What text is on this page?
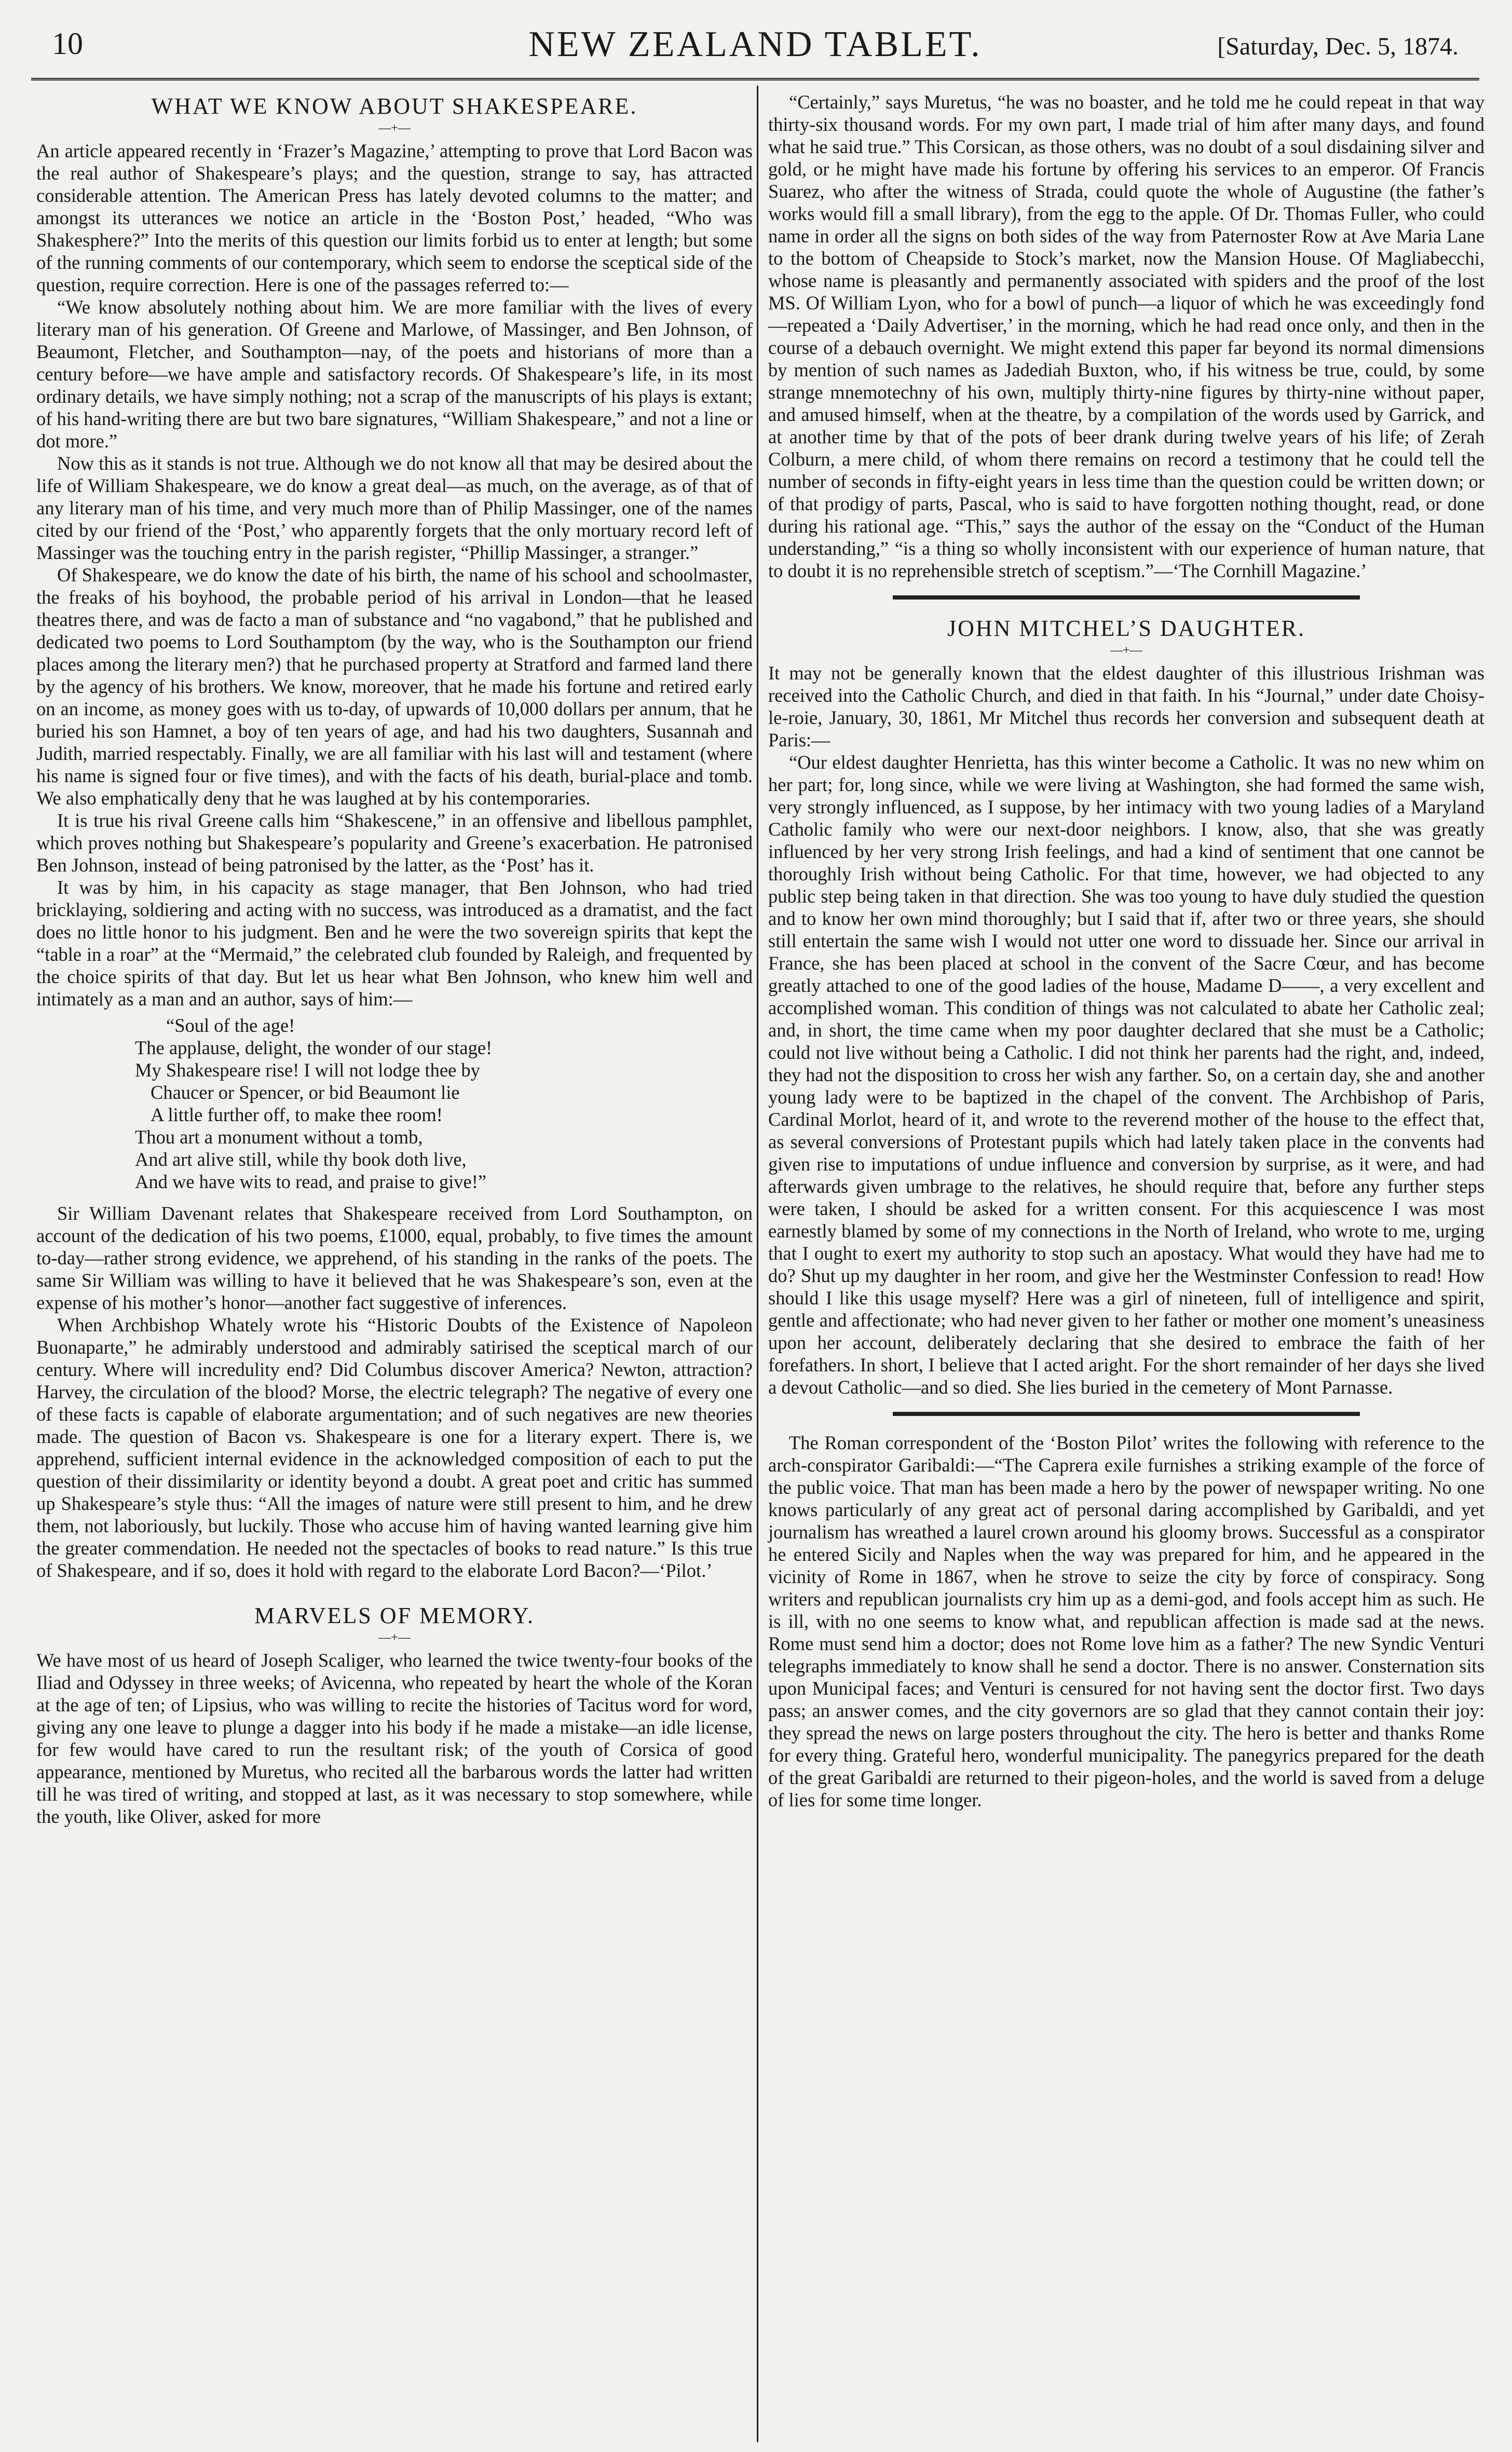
10	NEW ZEALAND TABLET.	[Saturday, Dec. 5, 1874.
WHAT WE KNOW ABOUT SHAKESPEARE.
—+—

An article appeared recently in ‘Frazer’s Magazine,’ attempting to prove that Lord Bacon was the real author of Shakespeare’s plays; and the question, strange to say, has attracted considerable attention. The American Press has lately devoted columns to the matter; and amongst its utterances we notice an article in the ‘Boston Post,’ headed, “Who was Shakesphere?” Into the merits of this question our limits forbid us to enter at length; but some of the running comments of our contemporary, which seem to endorse the sceptical side of the question, require correction. Here is one of the passages referred to:—

“We know absolutely nothing about him. We are more familiar with the lives of every literary man of his generation. Of Greene and Marlowe, of Massinger, and Ben Johnson, of Beaumont, Fletcher, and Southampton—nay, of the poets and historians of more than a century before—we have ample and satisfactory records. Of Shakespeare’s life, in its most ordinary details, we have simply nothing; not a scrap of the manuscripts of his plays is extant; of his hand-writing there are but two bare signatures, “William Shakespeare,” and not a line or dot more.”

Now this as it stands is not true. Although we do not know all that may be desired about the life of William Shakespeare, we do know a great deal—as much, on the average, as of that of any literary man of his time, and very much more than of Philip Massinger, one of the names cited by our friend of the ‘Post,’ who apparently forgets that the only mortuary record left of Massinger was the touching entry in the parish register, “Phillip Massinger, a stranger.”

Of Shakespeare, we do know the date of his birth, the name of his school and schoolmaster, the freaks of his boyhood, the probable period of his arrival in London—that he leased theatres there, and was de facto a man of substance and “no vagabond,” that he published and dedicated two poems to Lord Southamptom (by the way, who is the Southampton our friend places among the literary men?) that he purchased property at Stratford and farmed land there by the agency of his brothers. We know, moreover, that he made his fortune and retired early on an income, as money goes with us to-day, of upwards of 10,000 dollars per annum, that he buried his son Hamnet, a boy of ten years of age, and had his two daughters, Susannah and Judith, married respectably. Finally, we are all familiar with his last will and testament (where his name is signed four or five times), and with the facts of his death, burial-place and tomb. We also emphatically deny that he was laughed at by his contemporaries.

It is true his rival Greene calls him “Shakescene,” in an offensive and libellous pamphlet, which proves nothing but Shakespeare’s popularity and Greene’s exacerbation. He patronised Ben Johnson, instead of being patronised by the latter, as the ‘Post’ has it.

It was by him, in his capacity as stage manager, that Ben Johnson, who had tried bricklaying, soldiering and acting with no success, was introduced as a dramatist, and the fact does no little honor to his judgment. Ben and he were the two sovereign spirits that kept the “table in a roar” at the “Mermaid,” the celebrated club founded by Raleigh, and frequented by the choice spirits of that day. But let us hear what Ben Johnson, who knew him well and intimately as a man and an author, says of him:—

“Soul of the age!
The applause, delight, the wonder of our stage!
My Shakespeare rise! I will not lodge thee by
Chaucer or Spencer, or bid Beaumont lie
A little further off, to make thee room!
Thou art a monument without a tomb,
And art alive still, while thy book doth live,
And we have wits to read, and praise to give!”

Sir William Davenant relates that Shakespeare received from Lord Southampton, on account of the dedication of his two poems, £1000, equal, probably, to five times the amount to-day—rather strong evidence, we apprehend, of his standing in the ranks of the poets. The same Sir William was willing to have it believed that he was Shakespeare’s son, even at the expense of his mother’s honor—another fact suggestive of inferences.

When Archbishop Whately wrote his “Historic Doubts of the Existence of Napoleon Buonaparte,” he admirably understood and admirably satirised the sceptical march of our century. Where will incredulity end? Did Columbus discover America? Newton, attraction? Harvey, the circulation of the blood? Morse, the electric telegraph? The negative of every one of these facts is capable of elaborate argumentation; and of such negatives are new theories made. The question of Bacon vs. Shakespeare is one for a literary expert. There is, we apprehend, sufficient internal evidence in the acknowledged composition of each to put the question of their dissimilarity or identity beyond a doubt. A great poet and critic has summed up Shakespeare’s style thus: “All the images of nature were still present to him, and he drew them, not laboriously, but luckily. Those who accuse him of having wanted learning give him the greater commendation. He needed not the spectacles of books to read nature.” Is this true of Shakespeare, and if so, does it hold with regard to the elaborate Lord Bacon?—‘Pilot.’

MARVELS OF MEMORY.
—+—

We have most of us heard of Joseph Scaliger, who learned the twice twenty-four books of the Iliad and Odyssey in three weeks; of Avicenna, who repeated by heart the whole of the Koran at the age of ten; of Lipsius, who was willing to recite the histories of Tacitus word for word, giving any one leave to plunge a dagger into his body if he made a mistake—an idle license, for few would have cared to run the resultant risk; of the youth of Corsica of good appearance, mentioned by Muretus, who recited all the barbarous words the latter had written till he was tired of writing, and stopped at last, as it was necessary to stop somewhere, while the youth, like Oliver, asked for more

“Certainly,” says Muretus, “he was no boaster, and he told me he could repeat in that way thirty-six thousand words. For my own part, I made trial of him after many days, and found what he said true.” This Corsican, as those others, was no doubt of a soul disdaining silver and gold, or he might have made his fortune by offering his services to an emperor. Of Francis Suarez, who after the witness of Strada, could quote the whole of Augustine (the father’s works would fill a small library), from the egg to the apple. Of Dr. Thomas Fuller, who could name in order all the signs on both sides of the way from Paternoster Row at Ave Maria Lane to the bottom of Cheapside to Stock’s market, now the Mansion House. Of Magliabecchi, whose name is pleasantly and permanently associated with spiders and the proof of the lost MS. Of William Lyon, who for a bowl of punch—a liquor of which he was exceedingly fond—repeated a ‘Daily Advertiser,’ in the morning, which he had read once only, and then in the course of a debauch overnight. We might extend this paper far beyond its normal dimensions by mention of such names as Jadediah Buxton, who, if his witness be true, could, by some strange mnemotechny of his own, multiply thirty-nine figures by thirty-nine without paper, and amused himself, when at the theatre, by a compilation of the words used by Garrick, and at another time by that of the pots of beer drank during twelve years of his life; of Zerah Colburn, a mere child, of whom there remains on record a testimony that he could tell the number of seconds in fifty-eight years in less time than the question could be written down; or of that prodigy of parts, Pascal, who is said to have forgotten nothing thought, read, or done during his rational age. “This,” says the author of the essay on the “Conduct of the Human understanding,” “is a thing so wholly inconsistent with our experience of human nature, that to doubt it is no reprehensible stretch of sceptism.”—‘The Cornhill Magazine.’

JOHN MITCHEL’S DAUGHTER.
—+—

It may not be generally known that the eldest daughter of this illustrious Irishman was received into the Catholic Church, and died in that faith. In his “Journal,” under date Choisy-le-roie, January, 30, 1861, Mr Mitchel thus records her conversion and subsequent death at Paris:—

“Our eldest daughter Henrietta, has this winter become a Catholic. It was no new whim on her part; for, long since, while we were living at Washington, she had formed the same wish, very strongly influenced, as I suppose, by her intimacy with two young ladies of a Maryland Catholic family who were our next-door neighbors. I know, also, that she was greatly influenced by her very strong Irish feelings, and had a kind of sentiment that one cannot be thoroughly Irish without being Catholic. For that time, however, we had objected to any public step being taken in that direction. She was too young to have duly studied the question and to know her own mind thoroughly; but I said that if, after two or three years, she should still entertain the same wish I would not utter one word to dissuade her. Since our arrival in France, she has been placed at school in the convent of the Sacre Cœur, and has become greatly attached to one of the good ladies of the house, Madame D——, a very excellent and accomplished woman. This condition of things was not calculated to abate her Catholic zeal; and, in short, the time came when my poor daughter declared that she must be a Catholic; could not live without being a Catholic. I did not think her parents had the right, and, indeed, they had not the disposition to cross her wish any farther. So, on a certain day, she and another young lady were to be baptized in the chapel of the convent. The Archbishop of Paris, Cardinal Morlot, heard of it, and wrote to the reverend mother of the house to the effect that, as several conversions of Protestant pupils which had lately taken place in the convents had given rise to imputations of undue influence and conversion by surprise, as it were, and had afterwards given umbrage to the relatives, he should require that, before any further steps were taken, I should be asked for a written consent. For this acquiescence I was most earnestly blamed by some of my connections in the North of Ireland, who wrote to me, urging that I ought to exert my authority to stop such an apostacy. What would they have had me to do? Shut up my daughter in her room, and give her the Westminster Confession to read! How should I like this usage myself? Here was a girl of nineteen, full of intelligence and spirit, gentle and affectionate; who had never given to her father or mother one moment’s uneasiness upon her account, deliberately declaring that she desired to embrace the faith of her forefathers. In short, I believe that I acted aright. For the short remainder of her days she lived a devout Catholic—and so died. She lies buried in the cemetery of Mont Parnasse.

The Roman correspondent of the ‘Boston Pilot’ writes the following with reference to the arch-conspirator Garibaldi:—“The Caprera exile furnishes a striking example of the force of the public voice. That man has been made a hero by the power of newspaper writing. No one knows particularly of any great act of personal daring accomplished by Garibaldi, and yet journalism has wreathed a laurel crown around his gloomy brows. Successful as a conspirator he entered Sicily and Naples when the way was prepared for him, and he appeared in the vicinity of Rome in 1867, when he strove to seize the city by force of conspiracy. Song writers and republican journalists cry him up as a demi-god, and fools accept him as such. He is ill, with no one seems to know what, and republican affection is made sad at the news. Rome must send him a doctor; does not Rome love him as a father? The new Syndic Venturi telegraphs immediately to know shall he send a doctor. There is no answer. Consternation sits upon Municipal faces; and Venturi is censured for not having sent the doctor first. Two days pass; an answer comes, and the city governors are so glad that they cannot contain their joy: they spread the news on large posters throughout the city. The hero is better and thanks Rome for every thing. Grateful hero, wonderful municipality. The panegyrics prepared for the death of the great Garibaldi are returned to their pigeon-holes, and the world is saved from a deluge of lies for some time longer.
